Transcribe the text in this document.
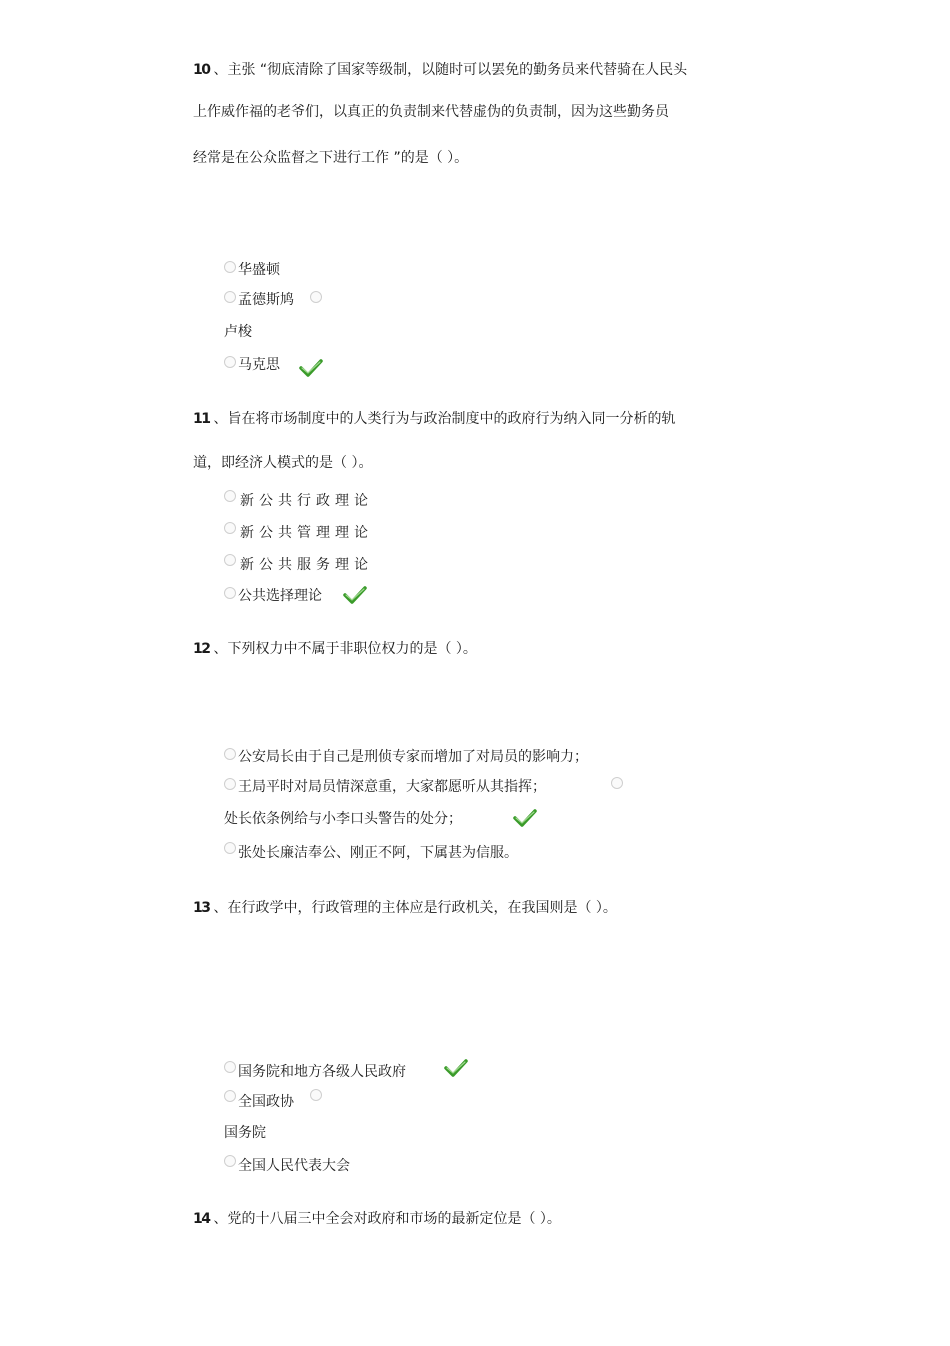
10 、主张 “彻底清除了国家等级制，以随时可以罢免的勤务员来代替骑在人民头
上作威作福的老爷们，以真正的负责制来代替虚伪的负责制，因为这些勤务员
经常是在公众监督之下进行工作 ”的是（ ）。
华盛顿
孟德斯鸠
卢梭
马克思
11 、旨在将市场制度中的人类行为与政治制度中的政府行为纳入同一分析的轨
道，即经济人模式的是（ ）。
新公共行政理论
新公共管理理论
新公共服务理论
公共选择理论
12 、下列权力中不属于非职位权力的是（ ）。
公安局长由于自己是刑侦专家而增加了对局员的影响力；
王局平时对局员情深意重，大家都愿听从其指挥；
处长依条例给与小李口头警告的处分；
张处长廉洁奉公、刚正不阿，下属甚为信服。
13 、在行政学中，行政管理的主体应是行政机关，在我国则是（ ）。
国务院和地方各级人民政府
全国政协
国务院
全国人民代表大会
14 、党的十八届三中全会对政府和市场的最新定位是（ ）。
